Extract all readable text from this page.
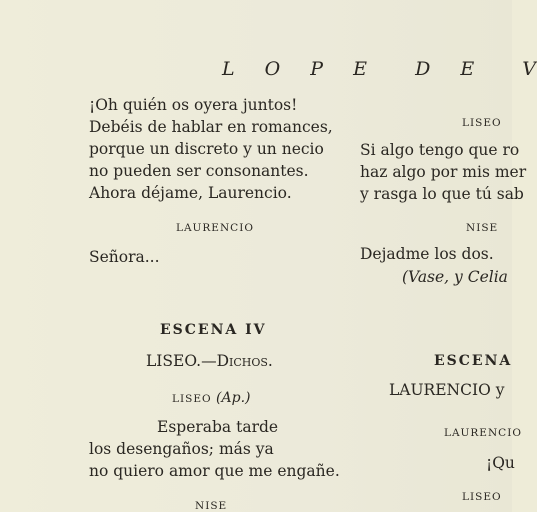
L O P E D E V
¡Oh quién os oyera juntos!
Debéis de hablar en romances,
porque un discreto y un necio
no pueden ser consonantes.
Ahora déjame, Laurencio.
LAURENCIO
Señora...
ESCENA IV
LISEO.—Dichos.
LISEO (Ap.)
Esperaba tarde
los desengaños; más ya
no quiero amor que me engañe.
NISE
LISEO
Si algo tengo que ro
haz algo por mis mer
y rasga lo que tú sab
NISE
Dejadme los dos.
(Vase, y Celia
ESCENA
LAURENCIO y
LAURENCIO
¡Qu
LISEO
